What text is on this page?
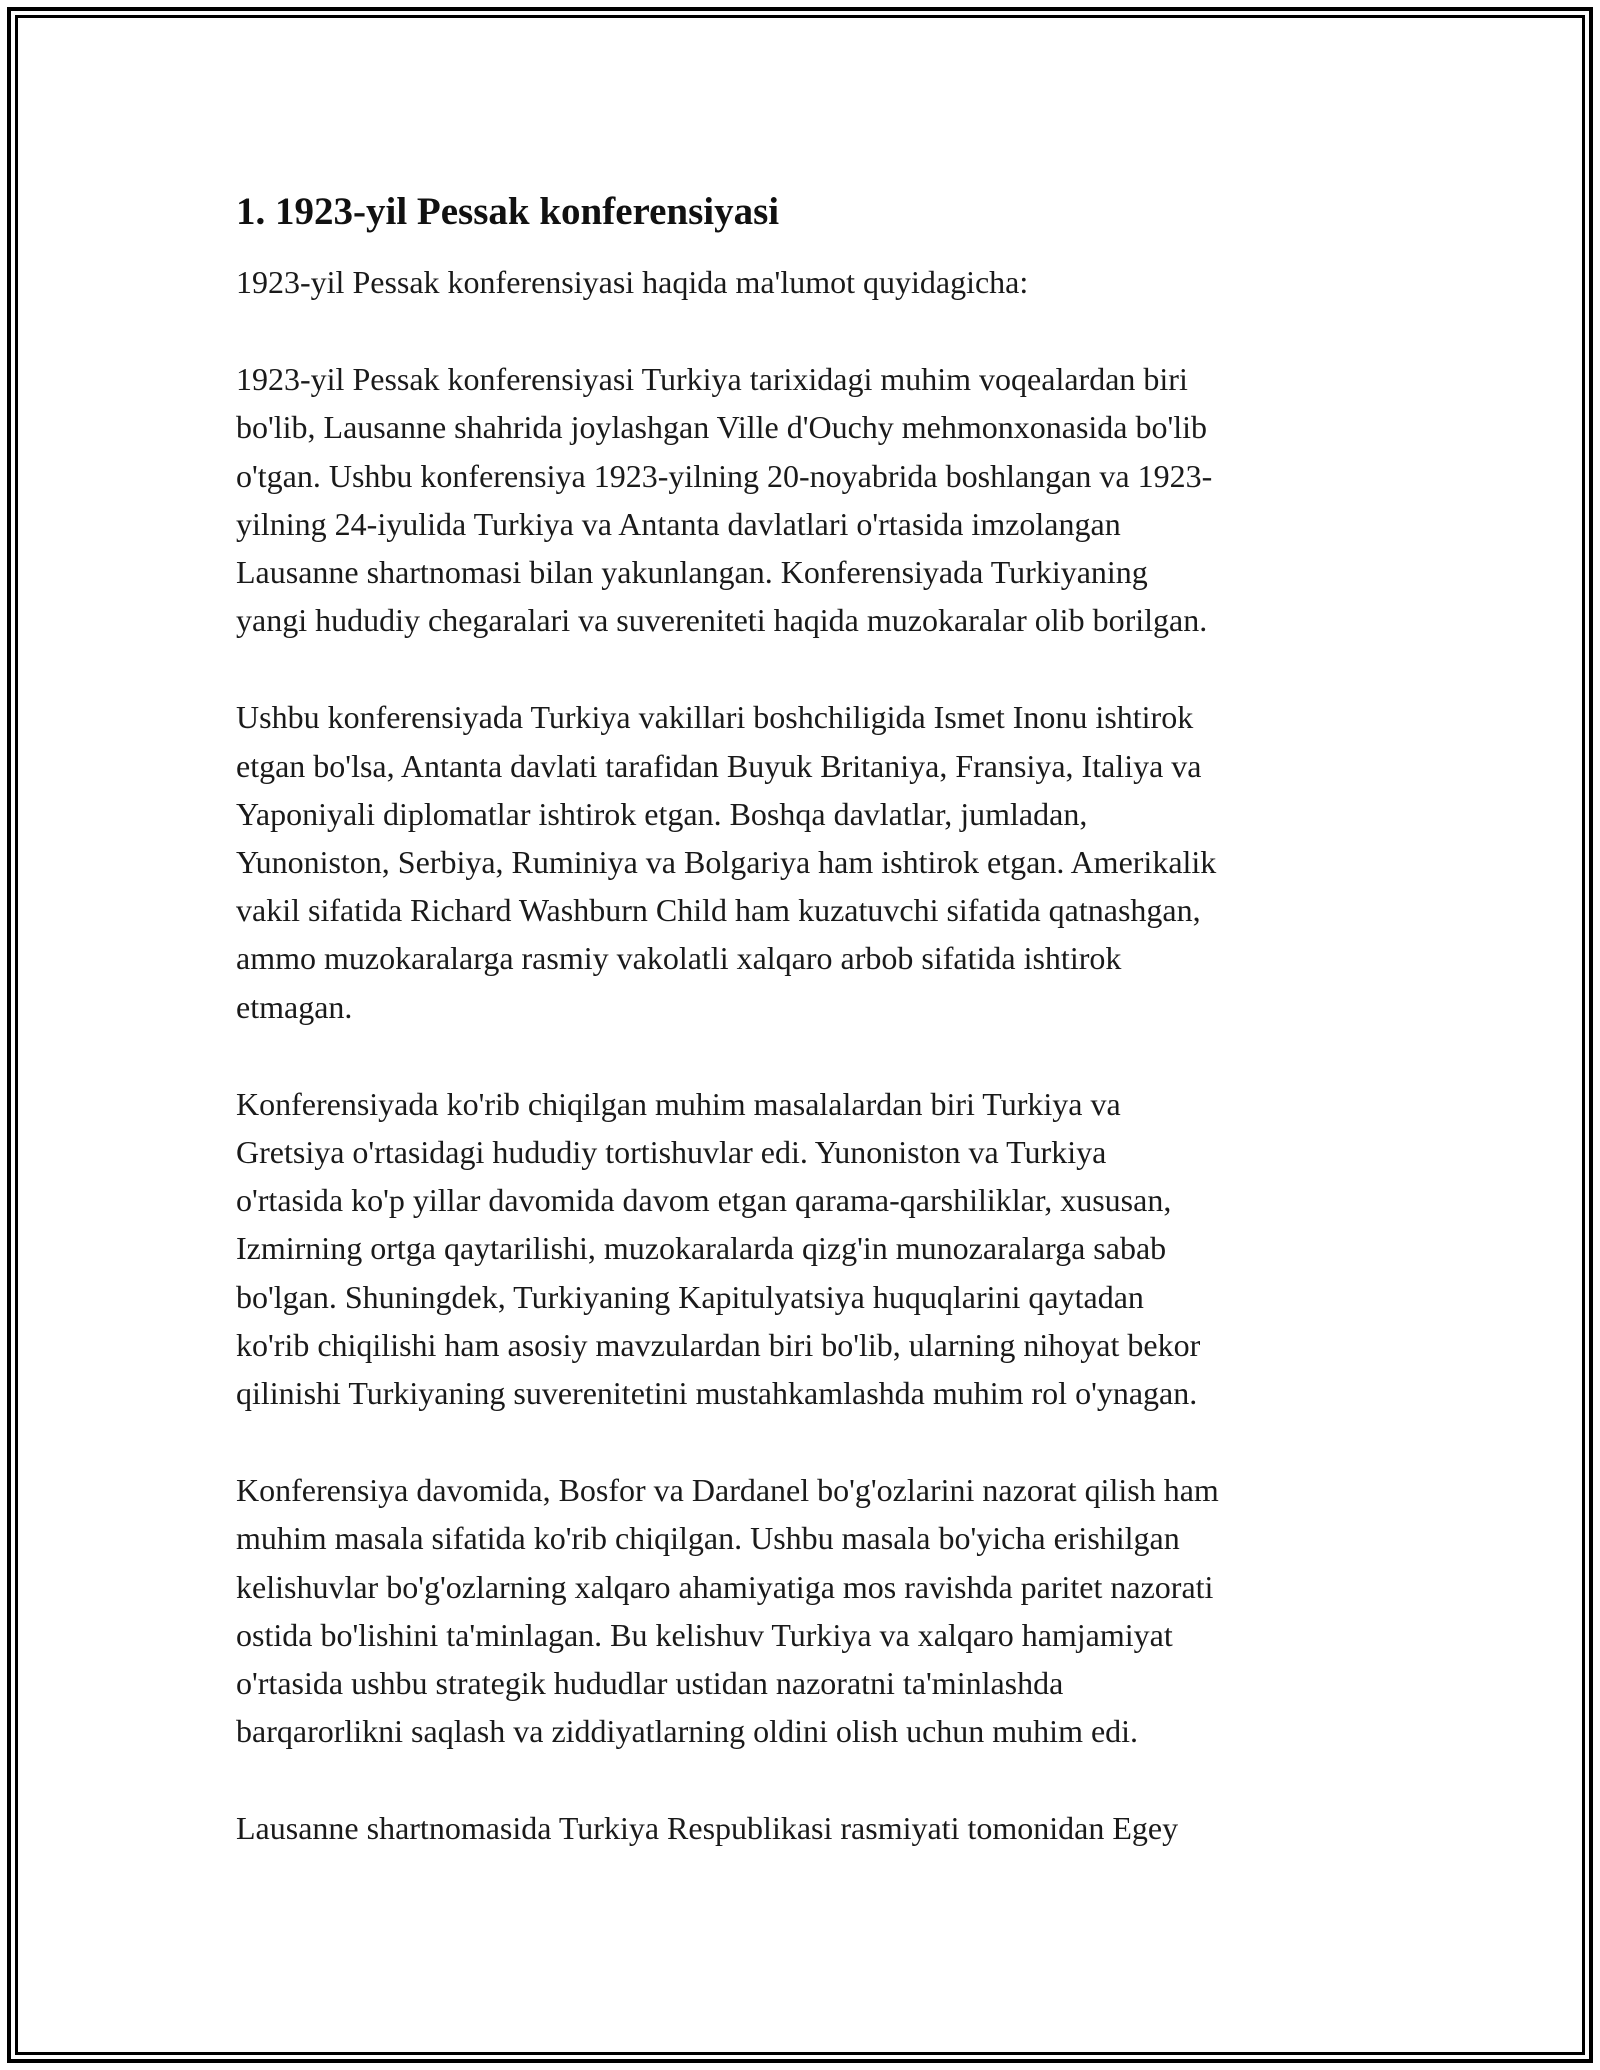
1. 1923-yil Pessak konferensiyasi

1923-yil Pessak konferensiyasi haqida ma'lumot quyidagicha:

1923-yil Pessak konferensiyasi Turkiya tarixidagi muhim voqealardan biri
bo'lib, Lausanne shahrida joylashgan Ville d'Ouchy mehmonxonasida bo'lib
o'tgan. Ushbu konferensiya 1923-yilning 20-noyabrida boshlangan va 1923-
yilning 24-iyulida Turkiya va Antanta davlatlari o'rtasida imzolangan
Lausanne shartnomasi bilan yakunlangan. Konferensiyada Turkiyaning
yangi hududiy chegaralari va suvereniteti haqida muzokaralar olib borilgan.

Ushbu konferensiyada Turkiya vakillari boshchiligida Ismet Inonu ishtirok
etgan bo'lsa, Antanta davlati tarafidan Buyuk Britaniya, Fransiya, Italiya va
Yaponiyali diplomatlar ishtirok etgan. Boshqa davlatlar, jumladan,
Yunoniston, Serbiya, Ruminiya va Bolgariya ham ishtirok etgan. Amerikalik
vakil sifatida Richard Washburn Child ham kuzatuvchi sifatida qatnashgan,
ammo muzokaralarga rasmiy vakolatli xalqaro arbob sifatida ishtirok
etmagan.

Konferensiyada ko'rib chiqilgan muhim masalalardan biri Turkiya va
Gretsiya o'rtasidagi hududiy tortishuvlar edi. Yunoniston va Turkiya
o'rtasida ko'p yillar davomida davom etgan qarama-qarshiliklar, xususan,
Izmirning ortga qaytarilishi, muzokaralarda qizg'in munozaralarga sabab
bo'lgan. Shuningdek, Turkiyaning Kapitulyatsiya huquqlarini qaytadan
ko'rib chiqilishi ham asosiy mavzulardan biri bo'lib, ularning nihoyat bekor
qilinishi Turkiyaning suverenitetini mustahkamlashda muhim rol o'ynagan.

Konferensiya davomida, Bosfor va Dardanel bo'g'ozlarini nazorat qilish ham
muhim masala sifatida ko'rib chiqilgan. Ushbu masala bo'yicha erishilgan
kelishuvlar bo'g'ozlarning xalqaro ahamiyatiga mos ravishda paritet nazorati
ostida bo'lishini ta'minlagan. Bu kelishuv Turkiya va xalqaro hamjamiyat
o'rtasida ushbu strategik hududlar ustidan nazoratni ta'minlashda
barqarorlikni saqlash va ziddiyatlarning oldini olish uchun muhim edi.

Lausanne shartnomasida Turkiya Respublikasi rasmiyati tomonidan Egey
